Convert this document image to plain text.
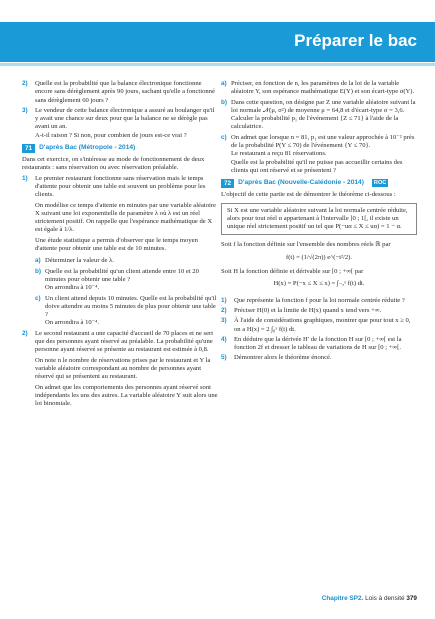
Préparer le bac
2)	Quelle est la probabilité que la balance électronique fonctionne encore sans dérèglement après 90 jours, sachant qu'elle a fonctionné sans dérèglement 60 jours ?
3)	Le vendeur de cette balance électronique a assuré au boulanger qu'il y avait une chance sur deux pour que la balance ne se dérègle pas avant un an.
A-t-il raison ? Si non, pour combien de jours est-ce vrai ?
71	D'après Bac (Métropole - 2014)
Dans cet exercice, on s'intéresse au mode de fonctionnement de deux restaurants : sans réservation ou avec réservation préalable.
1)	Le premier restaurant fonctionne sans réservation mais le temps d'attente pour obtenir une table est souvent un problème pour les clients.
On modélise ce temps d'attente en minutes par une variable aléatoire X suivant une loi exponentielle de paramètre λ où λ est un réel strictement positif. On rappelle que l'espérance mathématique de X est égale à 1/λ.
Une étude statistique a permis d'observer que le temps moyen d'attente pour obtenir une table est de 10 minutes.
a) Déterminer la valeur de λ.
b) Quelle est la probabilité qu'un client attende entre 10 et 20 minutes pour obtenir une table ?
On arrondira à 10⁻⁴.
c) Un client attend depuis 10 minutes. Quelle est la probabilité qu'il doive attendre au moins 5 minutes de plus pour obtenir une table ?
On arrondira à 10⁻⁴.
2)	Le second restaurant a une capacité d'accueil de 70 places et ne sert que des personnes ayant réservé au préalable. La probabilité qu'une personne ayant réservé se présente au restaurant est estimée à 0,8.
On note n le nombre de réservations prises par le restaurant et Y la variable aléatoire correspondant au nombre de personnes ayant réservé qui se présentent au restaurant.
On admet que les comportements des personnes ayant réservé sont indépendants les uns des autres. La variable aléatoire Y suit alors une loi binomiale.
a) Préciser, en fonction de n, les paramètres de la loi de la variable aléatoire Y, son espérance mathématique E(Y) et son écart-type σ(Y).
b) Dans cette question, on désigne par Z une variable aléatoire suivant la loi normale 𝒩(μ, σ²) de moyenne μ = 64,8 et d'écart-type σ = 3,6.
Calculer la probabilité p₁ de l'événement {Z ≤ 71} à l'aide de la calculatrice.
c) On admet que lorsque n = 81, p₁ est une valeur approchée à 10⁻² près de la probabilité P(Y ≤ 70) de l'événement {Y ≤ 70}.
Le restaurant a reçu 81 réservations.
Quelle est la probabilité qu'il ne puisse pas accueillir certains des clients qui ont réservé et se présentent ?
72	D'après Bac (Nouvelle-Calédonie - 2014)	ROC
L'objectif de cette partie est de démontrer le théorème ci-dessous :
Si X est une variable aléatoire suivant la loi normale centrée réduite, alors pour tout réel α appartenant à l'intervalle ]0 ; 1[, il existe un unique réel strictement positif uα tel que P(−uα ≤ X ≤ uα) = 1 − α.
Soit f la fonction définie sur l'ensemble des nombres réels ℝ par
f(t) = (1/√(2π)) e^(−t²/2).
Soit H la fonction définie et dérivable sur [0 ; +∞[ par
H(x) = P(−x ≤ X ≤ x) = ∫₋ₓˣ f(t) dt.
1)	Que représente la fonction f pour la loi normale centrée réduite ?
2)	Préciser H(0) et la limite de H(x) quand x tend vers +∞.
3)	À l'aide de considérations graphiques, montrer que pour tout x ≥ 0, on a H(x) = 2 ∫₀ˣ f(t) dt.
4)	En déduire que la dérivée H′ de la fonction H sur [0 ; +∞[ est la fonction 2f et dresser le tableau de variations de H sur [0 ; +∞[.
5)	Démontrer alors le théorème énoncé.
Chapitre SP2. Lois à densité 379
